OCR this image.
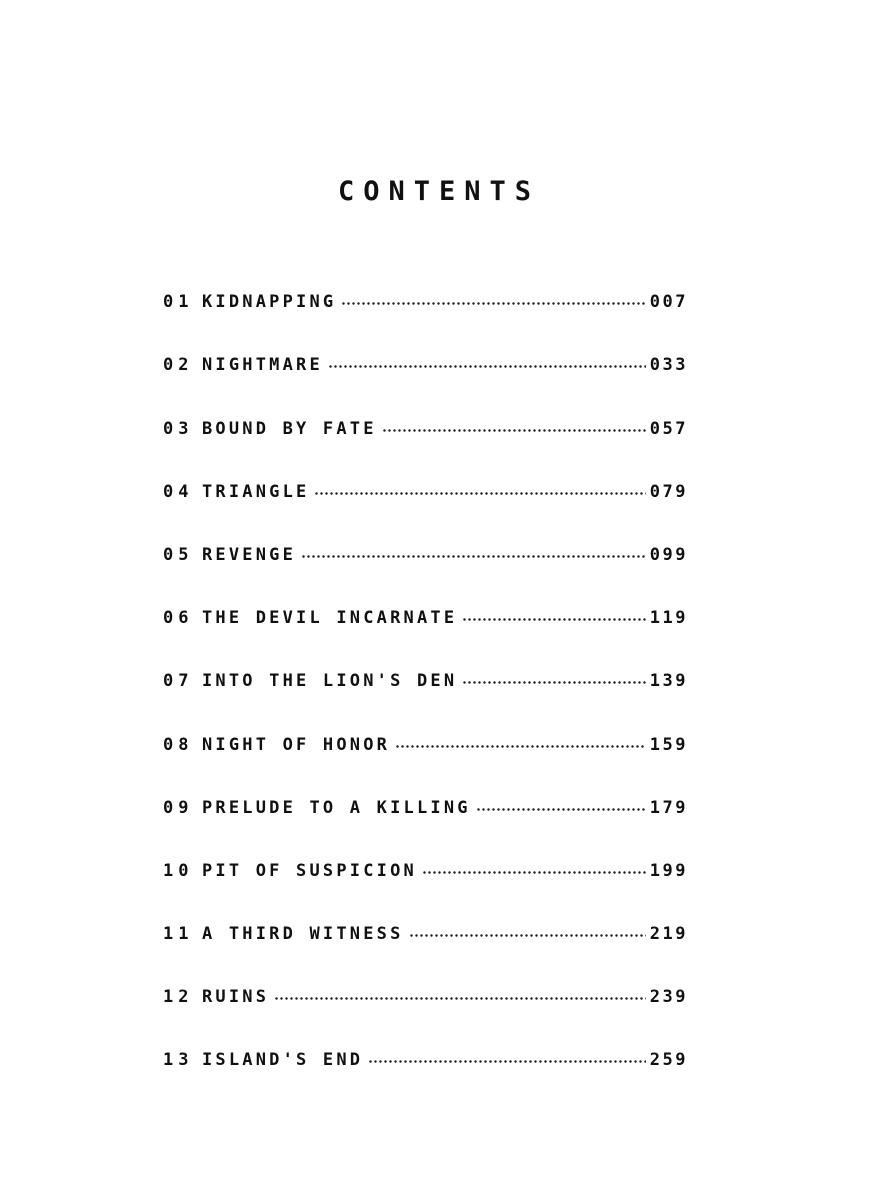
CONTENTS
01 KIDNAPPING	007
02 NIGHTMARE	033
03 BOUND BY FATE	057
04 TRIANGLE	079
05 REVENGE	099
06 THE DEVIL INCARNATE	119
07 INTO THE LION'S DEN	139
08 NIGHT OF HONOR	159
09 PRELUDE TO A KILLING	179
10 PIT OF SUSPICION	199
11 A THIRD WITNESS	219
12 RUINS	239
13 ISLAND'S END	259
